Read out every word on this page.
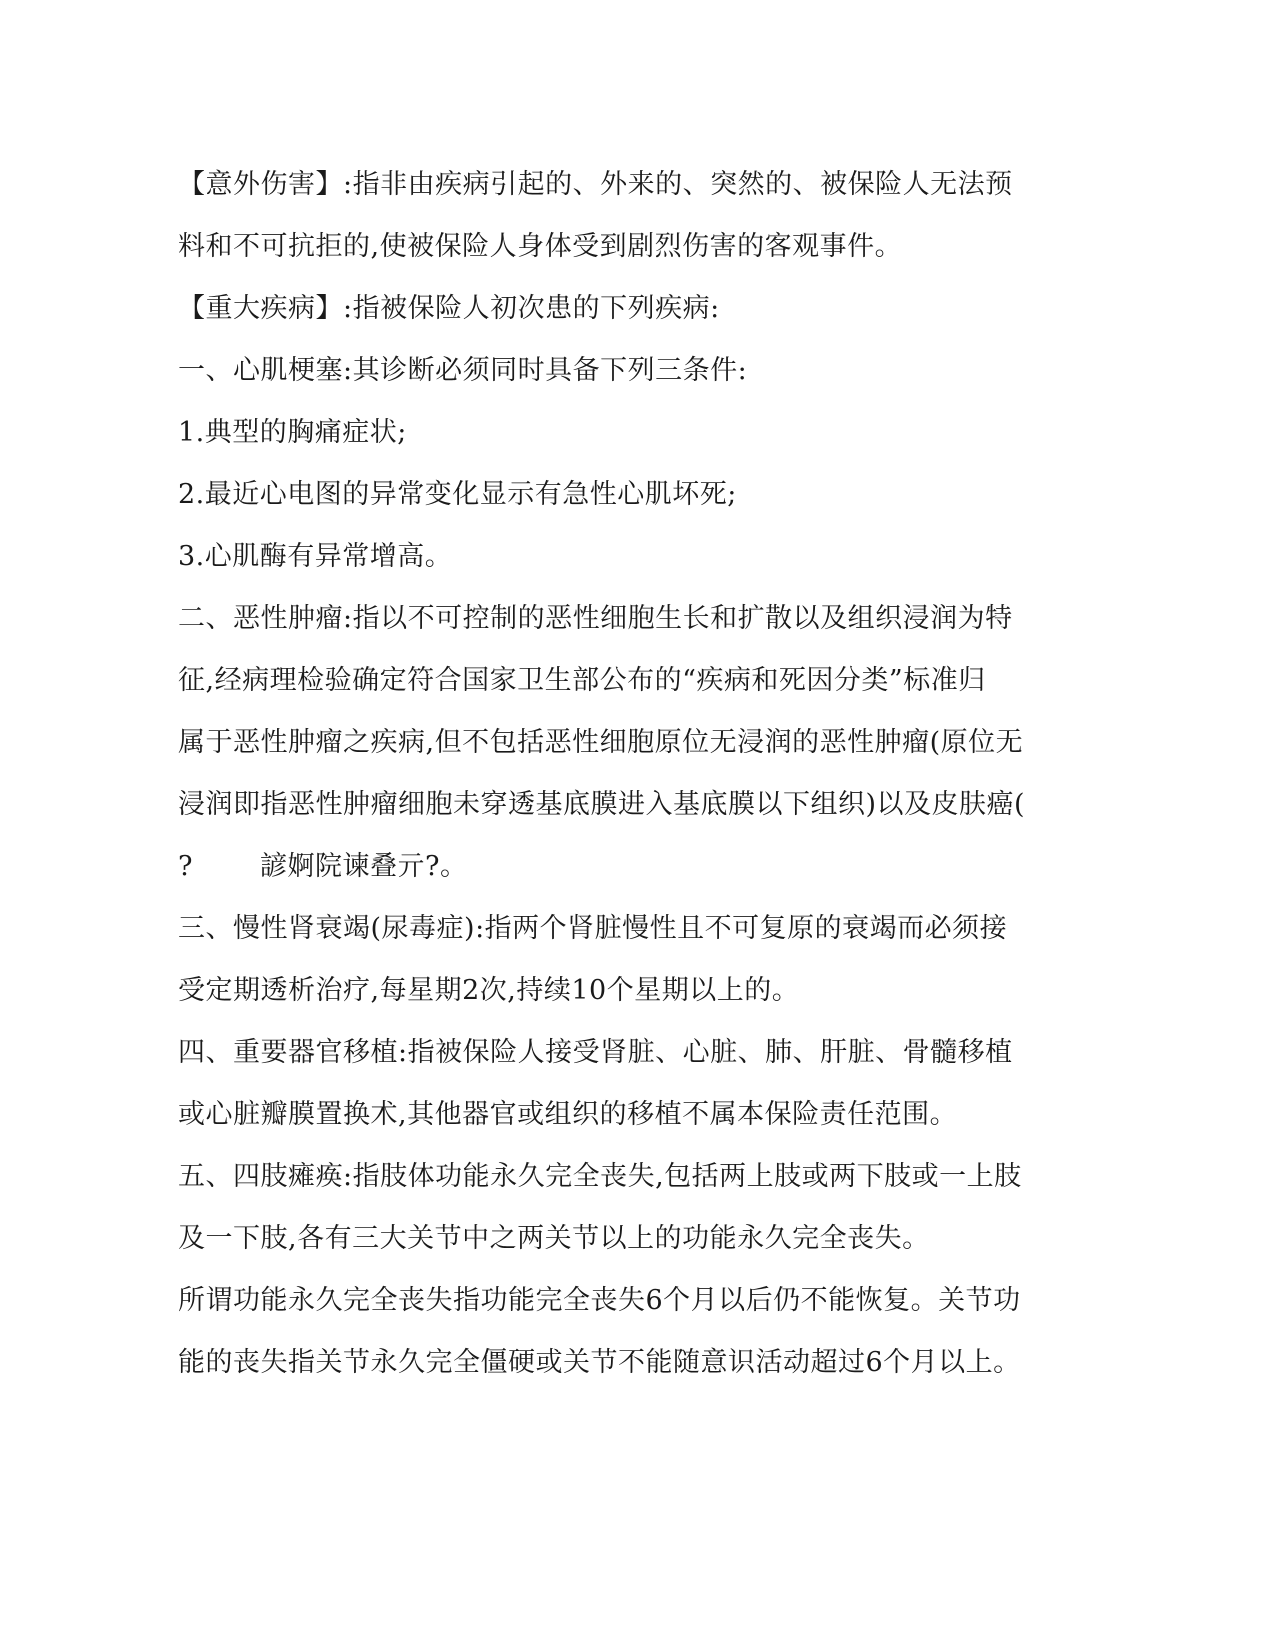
【意外伤害】:指非由疾病引起的、外来的、突然的、被保险人无法预
料和不可抗拒的,使被保险人身体受到剧烈伤害的客观事件。
【重大疾病】:指被保险人初次患的下列疾病:
一、心肌梗塞:其诊断必须同时具备下列三条件:
1.典型的胸痛症状;
2.最近心电图的异常变化显示有急性心肌坏死;
3.心肌酶有异常增高。
二、恶性肿瘤:指以不可控制的恶性细胞生长和扩散以及组织浸润为特
征,经病理检验确定符合国家卫生部公布的“疾病和死因分类”标准归
属于恶性肿瘤之疾病,但不包括恶性细胞原位无浸润的恶性肿瘤(原位无
浸润即指恶性肿瘤细胞未穿透基底膜进入基底膜以下组织)以及皮肤癌(
?	諺婀院谏叠亓?。
三、慢性肾衰竭(尿毒症):指两个肾脏慢性且不可复原的衰竭而必须接
受定期透析治疗,每星期2次,持续10个星期以上的。
四、重要器官移植:指被保险人接受肾脏、心脏、肺、肝脏、骨髓移植
或心脏瓣膜置换术,其他器官或组织的移植不属本保险责任范围。
五、四肢瘫痪:指肢体功能永久完全丧失,包括两上肢或两下肢或一上肢
及一下肢,各有三大关节中之两关节以上的功能永久完全丧失。
所谓功能永久完全丧失指功能完全丧失6个月以后仍不能恢复。关节功
能的丧失指关节永久完全僵硬或关节不能随意识活动超过6个月以上。
